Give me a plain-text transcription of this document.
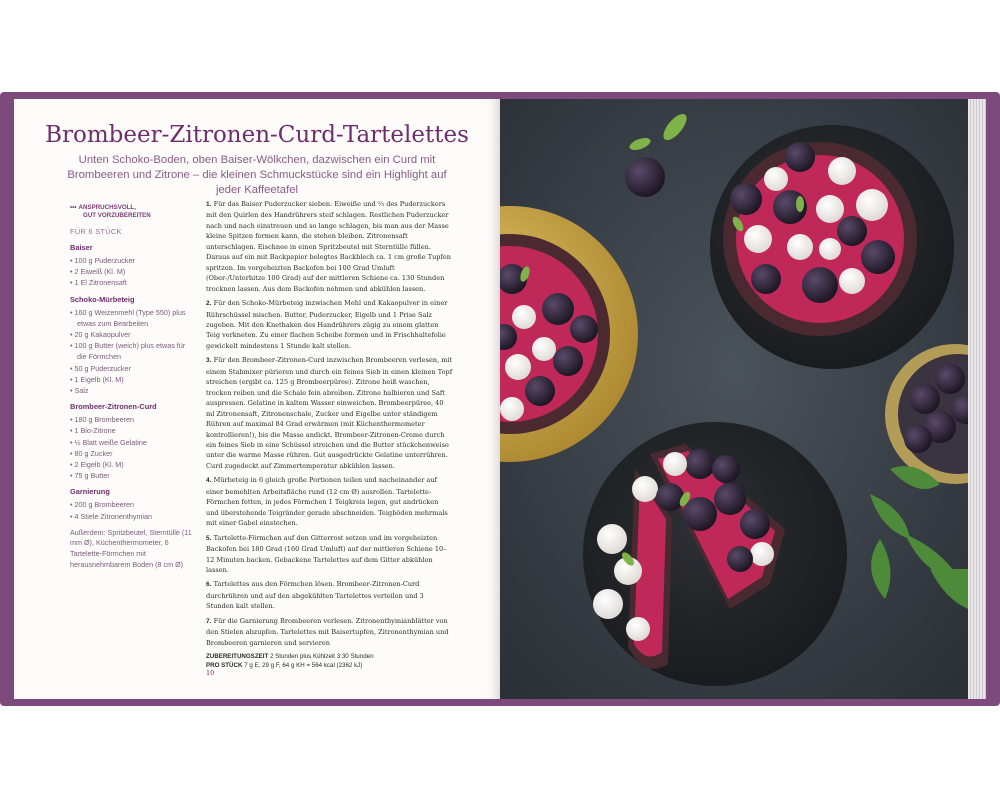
Brombeer-Zitronen-Curd-Tartelettes

Unten Schoko-Boden, oben Baiser-Wölkchen, dazwischen ein Curd mit Brombeeren und Zitrone – die kleinen Schmuckstücke sind ein Highlight auf jeder Kaffeetafel

••• ANSPRUCHSVOLL,
GUT VORZUBEREITEN
FÜR 6 STÜCK
Baiser
• 100 g Puderzucker
• 2 Eiweiß (Kl. M)
• 1 El Zitronensaft
Schoko-Mürbeteig
• 160 g Weizenmehl (Type 550) plus etwas zum Bearbeiten
• 20 g Kakaopulver
• 100 g Butter (weich) plus etwas für die Förmchen
• 50 g Puderzucker
• 1 Eigelb (Kl. M)
• Salz
Brombeer-Zitronen-Curd
• 180 g Brombeeren
• 1 Bio-Zitrone
• ½ Blatt weiße Gelatine
• 80 g Zucker
• 2 Eigelb (Kl. M)
• 75 g Butter
Garnierung
• 200 g Brombeeren
• 4 Stiele Zitronenthymian
Außerdem: Spritzbeutel, Sterntülle (11 mm Ø), Küchenthermometer, 6 Tartelette-Förmchen mit herausnehmbarem Boden (8 cm Ø)

1. Für das Baiser Puderzucker sieben. Eiweiße und ⅓ des Puderzuckers mit den Quirlen des Handrührers steif schlagen. Restlichen Puderzucker nach und nach einstreuen und so lange schlagen, bis man aus der Masse kleine Spitzen formen kann, die stehen bleiben. Zitronensaft unterschlagen. Eischnee in einen Spritzbeutel mit Sterntülle füllen. Daraus auf ein mit Backpapier belegtes Backblech ca. 1 cm große Tupfen spritzen. Im vorgeheizten Backofen bei 100 Grad Umluft (Ober-/Unterhitze 100 Grad) auf der mittleren Schiene ca. 130 Stunden trocknen lassen. Aus dem Backofen nehmen und abkühlen lassen.

2. Für den Schoko-Mürbeteig inzwischen Mehl und Kakaopulver in einer Rührschüssel mischen. Butter, Puderzucker, Eigelb und 1 Prise Salz zugeben. Mit den Knethaken des Handrührers zügig zu einem glatten Teig verkneten. Zu einer flachen Scheibe formen und in Frischhaltefolie gewickelt mindestens 1 Stunde kalt stellen.

3. Für den Brombeer-Zitronen-Curd inzwischen Brombeeren verlesen, mit einem Stabmixer pürieren und durch ein feines Sieb in einen kleinen Topf streichen (ergibt ca. 125 g Brombeerpüree). Zitrone heiß waschen, trocken reiben und die Schale fein abreiben. Zitrone halbieren und Saft auspressen. Gelatine in kaltem Wasser einweichen. Brombeerpüree, 40 ml Zitronensaft, Zitronenschale, Zucker und Eigelbe unter ständigem Rühren auf maximal 84 Grad erwärmen (mit Küchenthermometer kontrollieren!), bis die Masse andickt. Brombeer-Zitronen-Creme durch ein feines Sieb in eine Schüssel streichen und die Butter stückchenweise unter die warme Masse rühren. Gut ausgedrückte Gelatine unterrühren. Curd zugedeckt auf Zimmertemperatur abkühlen lassen.

4. Mürbeteig in 6 gleich große Portionen teilen und nacheinander auf einer bemehlten Arbeitsfläche rund (12 cm Ø) ausrollen. Tartelette-Förmchen fetten, in jedes Förmchen 1 Teigkreis legen, gut andrücken und überstehende Teigränder gerade abschneiden. Teigböden mehrmals mit einer Gabel einstechen.

5. Tartelette-Förmchen auf den Gitterrost setzen und im vorgeheizten Backofen bei 180 Grad (160 Grad Umluft) auf der mittleren Schiene 10–12 Minuten backen. Gebackene Tartelettes auf dem Gitter abkühlen lassen.

6. Tartelettes aus den Förmchen lösen. Brombeer-Zitronen-Curd durchrühren und auf den abgekühlten Tartelettes verteilen und 3 Stunden kalt stellen.

7. Für die Garnierung Brombeeren verlesen. Zitronenthymianblätter von den Stielen abzupfen. Tartelettes mit Baisertupfen, Zitronenthymian und Brombeeren garnieren und servieren

ZUBEREITUNGSZEIT 2 Stunden plus Kühlzeit 3:30 Stunden
PRO STÜCK 7 g E, 29 g F, 64 g KH = 564 kcal (2362 kJ)
10
